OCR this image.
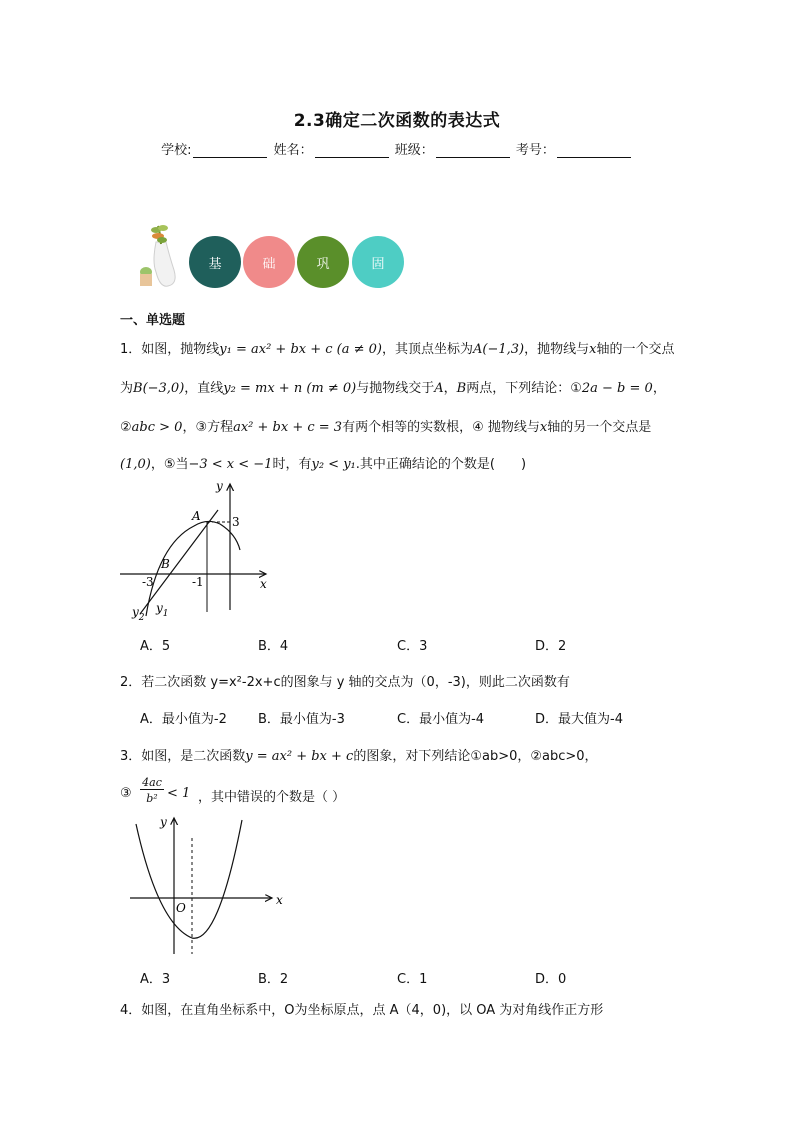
2.3确定二次函数的表达式
学校:	姓名：	班级：	考号：
基	础	巩	固
一、单选题
1．如图，抛物线y₁ = ax² + bx + c (a ≠ 0)，其顶点坐标为A(−1,3)，抛物线与x轴的一个交点
为B(−3,0)，直线y₂ = mx + n (m ≠ 0)与抛物线交于A，B两点，下列结论：①2a − b = 0，
②abc > 0，③方程ax² + bx + c = 3有两个相等的实数根，④ 抛物线与x轴的另一个交点是
(1,0)，⑤当−3 < x < −1时，有y₂ < y₁.其中正确结论的个数是(　　)
y
x
A
B
3
-3	-1
$y_2$
$y_1$
A．5	B．4	C．3	D．2
2．若二次函数 y=x²-2x+c的图象与 y 轴的交点为（0，-3)，则此二次函数有
A．最小值为-2 B．最小值为-3	C．最小值为-4	D．最大值为-4
3．如图，是二次函数y = ax² + bx + c的图象，对下列结论①ab>0，②abc>0，
③
4ac
b² < 1 ，其中错误的个数是（ ）
y
x
O
A．3	B．2	C．1	D．0
4．如图，在直角坐标系中，O为坐标原点，点 A（4，0)，以 OA 为对角线作正方形
